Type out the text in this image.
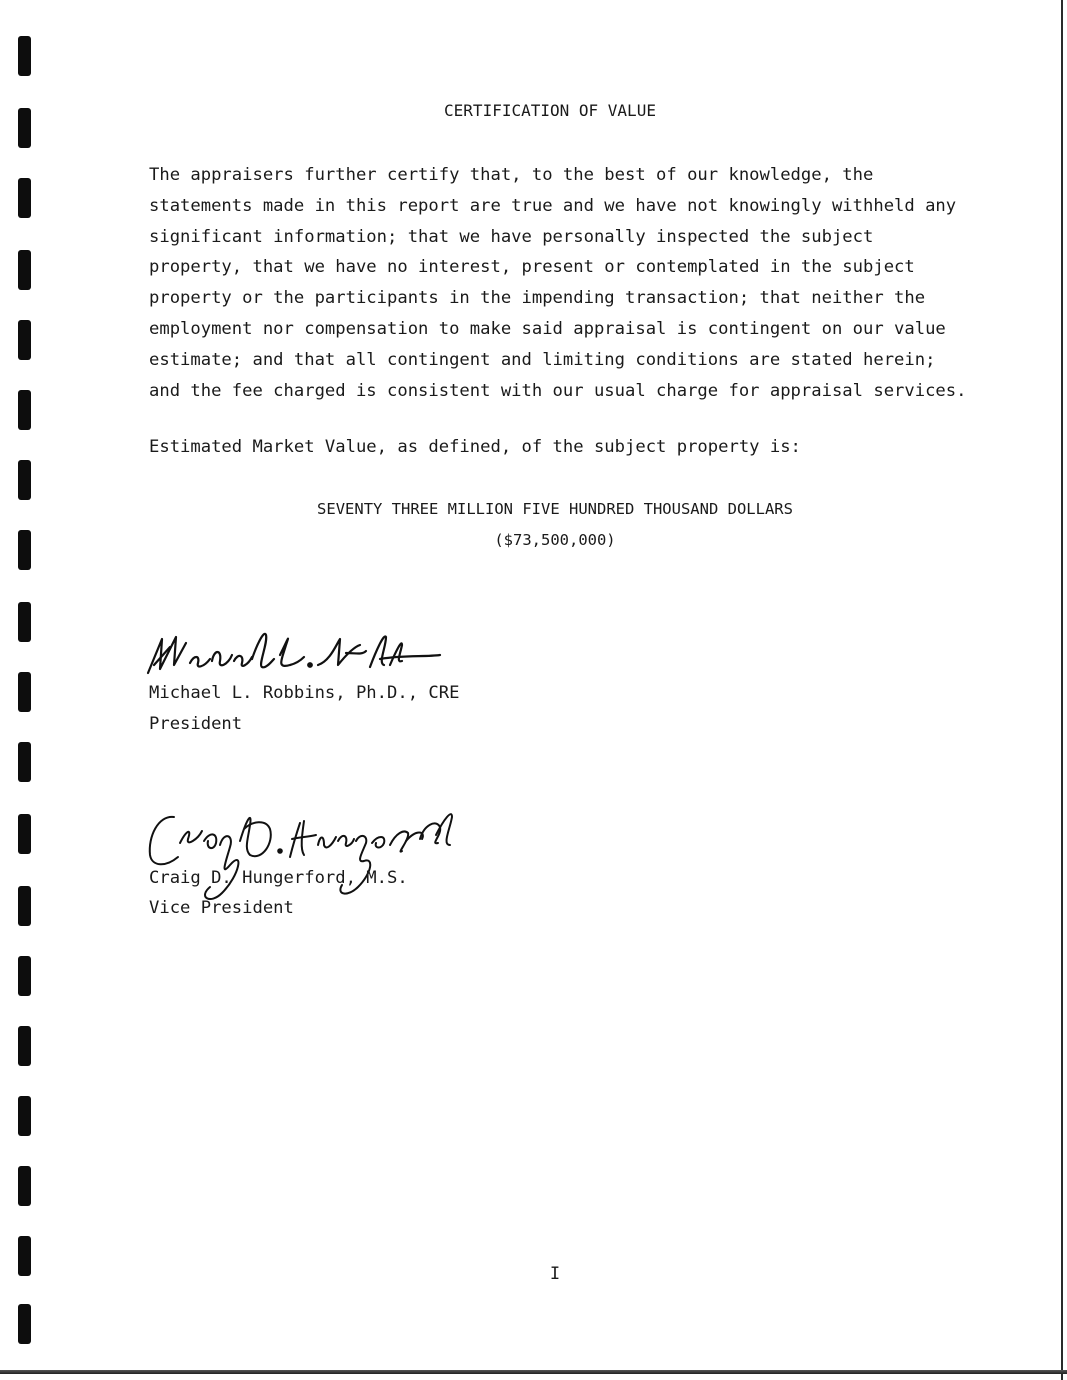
CERTIFICATION OF VALUE

The appraisers further certify that, to the best of our knowledge, the
statements made in this report are true and we have not knowingly withheld any
significant information; that we have personally inspected the subject
property, that we have no interest, present or contemplated in the subject
property or the participants in the impending transaction; that neither the
employment nor compensation to make said appraisal is contingent on our value
estimate; and that all contingent and limiting conditions are stated herein;
and the fee charged is consistent with our usual charge for appraisal services.

Estimated Market Value, as defined, of the subject property is:

SEVENTY THREE MILLION FIVE HUNDRED THOUSAND DOLLARS
($73,500,000)

Michael L. Robbins, Ph.D., CRE

President

Craig D. Hungerford, M.S.

Vice President

I
